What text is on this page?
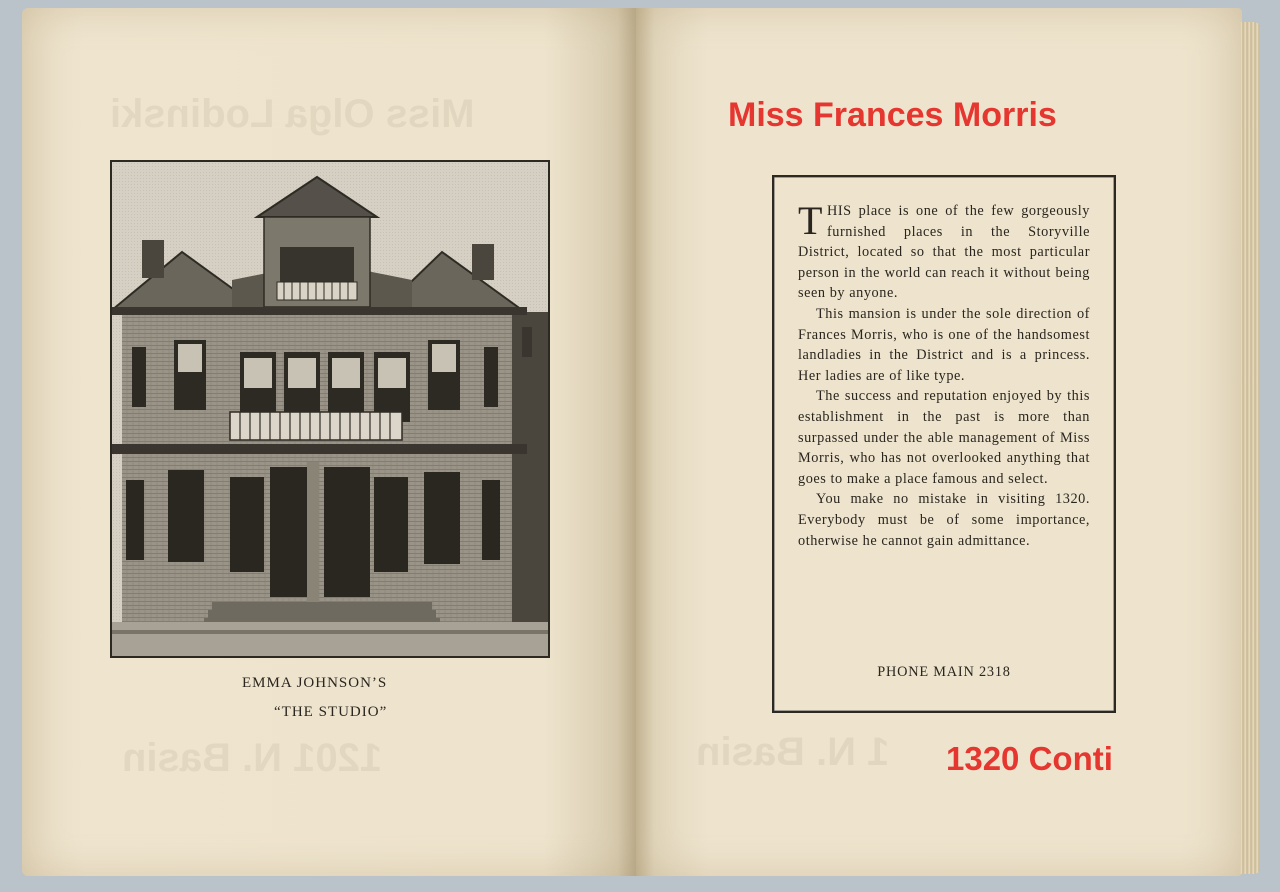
Miss Olga Lodinski
1201 N. Basin
EMMA JOHNSON’S
“THE STUDIO”
1 N. Basin
Miss Frances Morris

THIS place is one of the few gorgeously furnished places in the Storyville District, located so that the most particular person in the world can reach it without being seen by anyone.

This mansion is under the sole direction of Frances Morris, who is one of the handsomest landladies in the District and is a princess. Her ladies are of like type.

The success and reputation enjoyed by this establishment in the past is more than surpassed under the able management of Miss Morris, who has not overlooked anything that goes to make a place famous and select.

You make no mistake in visiting 1320. Everybody must be of some importance, otherwise he cannot gain admittance.

PHONE MAIN 2318
1320 Conti
